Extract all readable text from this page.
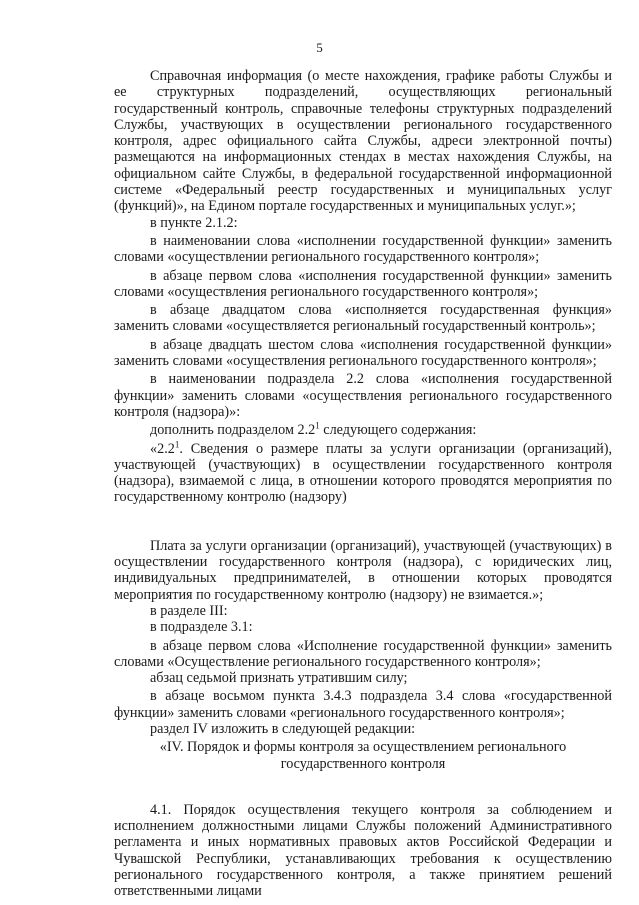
5

Справочная информация (о месте нахождения, графике работы Службы и ее структурных подразделений, осуществляющих региональный государственный контроль, справочные телефоны структурных подразделений Службы, участвующих в осуществлении регионального государственного контроля, адрес официального сайта Службы, адреси электронной почты) размещаются на информационных стендах в местах нахождения Службы, на официальном сайте Службы, в федеральной государственной информационной системе «Федеральный реестр государственных и муниципальных услуг (функций)», на Едином портале государственных и муниципальных услуг.»;

в пункте 2.1.2:

в наименовании слова «исполнении государственной функции» заменить словами «осуществлении регионального государственного контроля»;

в абзаце первом слова «исполнения государственной функции» заменить словами «осуществления регионального государственного контроля»;

в абзаце двадцатом слова «исполняется государственная функция» заменить словами «осуществляется региональный государственный контроль»;

в абзаце двадцать шестом слова «исполнения государственной функции» заменить словами «осуществления регионального государственного контроля»;

в наименовании подраздела 2.2 слова «исполнения государственной функции» заменить словами «осуществления регионального государственного контроля (надзора)»:

дополнить подразделом $2.2^1$ следующего содержания:

«$2.2^1$. Сведения о размере платы за услуги организации (организаций), участвующей (участвующих) в осуществлении государственного контроля (надзора), взимаемой с лица, в отношении которого проводятся мероприятия по государственному контролю (надзору)

Плата за услуги организации (организаций), участвующей (участвующих) в осуществлении государственного контроля (надзора), с юридических лиц, индивидуальных предпринимателей, в отношении которых проводятся мероприятия по государственному контролю (надзору) не взимается.»;

в разделе III:

в подразделе 3.1:

в абзаце первом слова «Исполнение государственной функции» заменить словами «Осуществление регионального государственного контроля»;

абзац седьмой признать утратившим силу;

в абзаце восьмом пункта 3.4.3 подраздела 3.4 слова «государственной функции» заменить словами «регионального государственного контроля»;

раздел IV изложить в следующей редакции:

«IV. Порядок и формы контроля за осуществлением регионального государственного контроля

4.1. Порядок осуществления текущего контроля за соблюдением и исполнением должностными лицами Службы положений Административного регламента и иных нормативных правовых актов Российской Федерации и Чувашской Республики, устанавливающих требования к осуществлению регионального государственного контроля, а также принятием решений ответственными лицами
